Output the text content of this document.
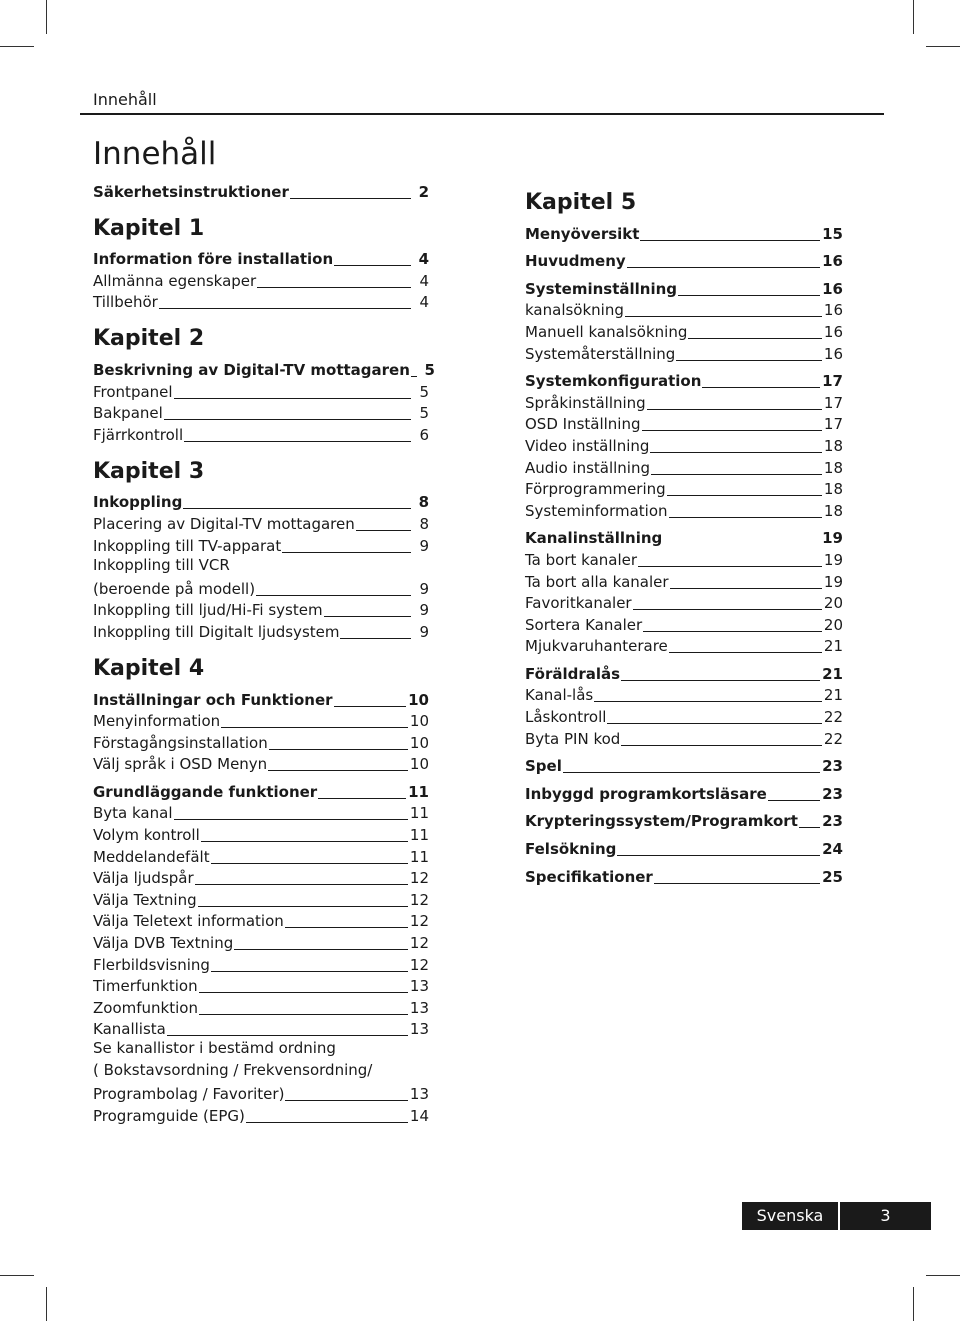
Innehåll
Innehåll
Säkerhetsinstruktioner	2
Kapitel 1
Information före installation	4
Allmänna egenskaper	4
Tillbehör	4
Kapitel 2
Beskrivning av Digital-TV mottagaren 5
Frontpanel	5
Bakpanel	5
Fjärrkontroll	6
Kapitel 3
Inkoppling	8
Placering av Digital-TV mottagaren	8
Inkoppling till TV-apparat	9
Inkoppling till VCR
(beroende på modell)	9
Inkoppling till ljud/Hi-Fi system	9
Inkoppling till Digitalt ljudsystem	9
Kapitel 4
Inställningar och Funktioner	10
Menyinformation	10
Förstagångsinstallation	10
Välj språk i OSD Menyn	10
Grundläggande funktioner	11
Byta kanal	11
Volym kontroll	11
Meddelandefält	11
Välja ljudspår	12
Välja Textning	12
Välja Teletext information	12
Välja DVB Textning	12
Flerbildsvisning	12
Timerfunktion	13
Zoomfunktion	13
Kanallista	13
Se kanallistor i bestämd ordning
( Bokstavsordning / Frekvensordning/
Programbolag / Favoriter)	13
Programguide (EPG)	14
Kapitel 5
Menyöversikt	15
Huvudmeny	16
Systeminställning	16
kanalsökning	16
Manuell kanalsökning	16
Systemåterställning	16
Systemkonfiguration	17
Språkinställning	17
OSD Inställning	17
Video inställning	18
Audio inställning	18
Förprogrammering	18
Systeminformation	18
Kanalinställning	19
Ta bort kanaler	19
Ta bort alla kanaler	19
Favoritkanaler	20
Sortera Kanaler	20
Mjukvaruhanterare	21
Föräldralås	21
Kanal-lås	21
Låskontroll	22
Byta PIN kod	22
Spel	23
Inbyggd programkortsläsare	23
Krypteringssystem/Programkort 23
Felsökning	24
Specifikationer	25
Svenska	3
